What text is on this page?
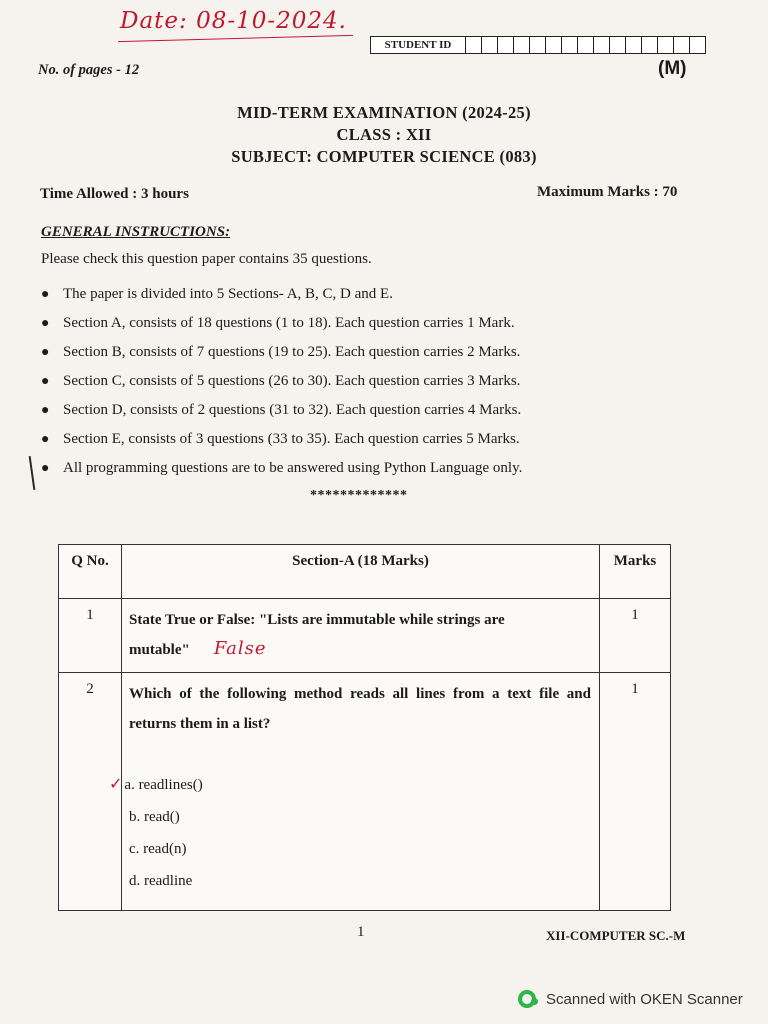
Date: 08-10-2024.
STUDENT ID
No. of pages - 12	(M)
MID-TERM EXAMINATION (2024-25)
CLASS : XII
SUBJECT: COMPUTER SCIENCE (083)
Time Allowed : 3 hours	Maximum Marks : 70
GENERAL INSTRUCTIONS:
Please check this question paper contains 35 questions.
● The paper is divided into 5 Sections- A, B, C, D and E.
● Section A, consists of 18 questions (1 to 18). Each question carries 1 Mark.
● Section B, consists of 7 questions (19 to 25). Each question carries 2 Marks.
● Section C, consists of 5 questions (26 to 30). Each question carries 3 Marks.
● Section D, consists of 2 questions (31 to 32). Each question carries 4 Marks.
● Section E, consists of 3 questions (33 to 35). Each question carries 5 Marks.
● All programming questions are to be answered using Python Language only.
*************
Q No.	Section-A (18 Marks)	Marks
1	State True or False: "Lists are immutable while strings are mutable" False	1
2	Which of the following method reads all lines from a text file and returns them in a list?
✓ a. readlines()
b. read()
c. read(n)
d. readline	1
1	XII-COMPUTER SC.-M
Scanned with OKEN Scanner
